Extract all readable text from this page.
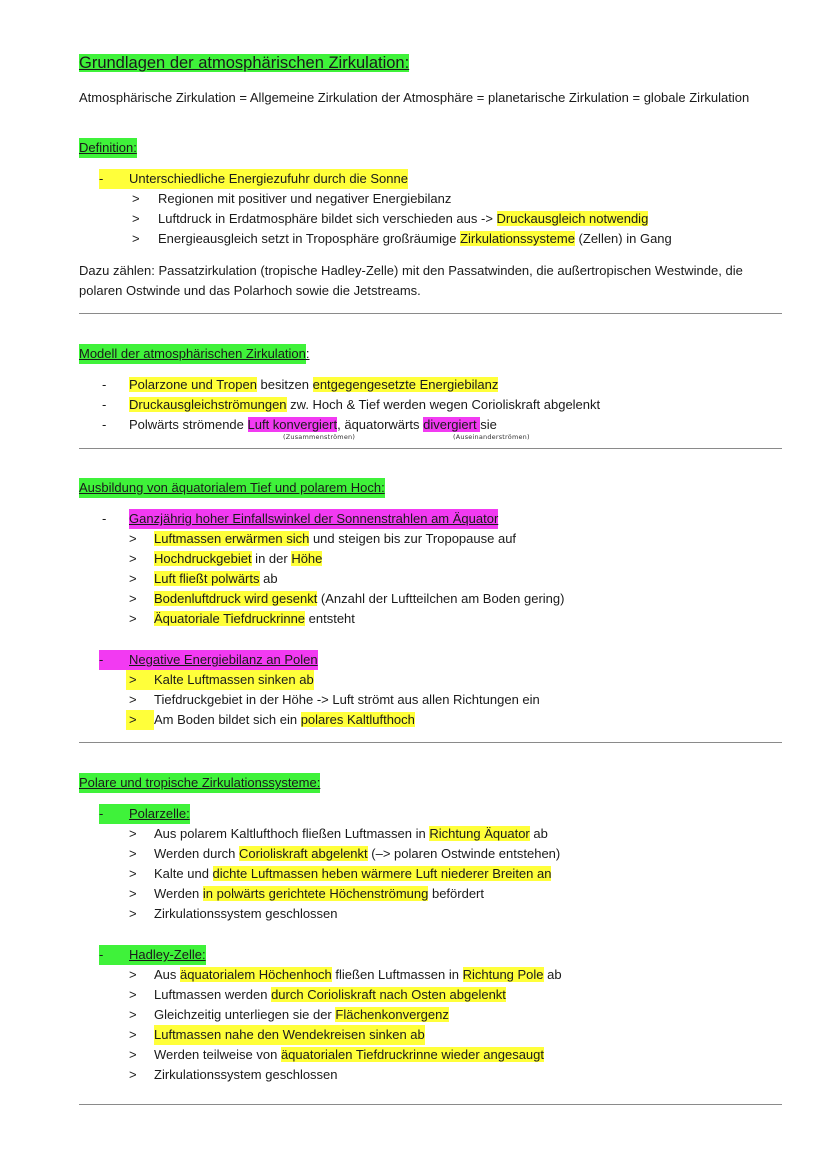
Grundlagen der atmosphärischen Zirkulation:

Atmosphärische Zirkulation = Allgemeine Zirkulation der Atmosphäre = planetarische Zirkulation = globale Zirkulation

Definition:
-	Unterschiedliche Energiezufuhr durch die Sonne
> Regionen mit positiver und negativer Energiebilanz
> Luftdruck in Erdatmosphäre bildet sich verschieden aus -> Druckausgleich notwendig
> Energieausgleich setzt in Troposphäre großräumige Zirkulationssysteme (Zellen) in Gang

Dazu zählen: Passatzirkulation (tropische Hadley-Zelle) mit den Passatwinden, die außertropischen Westwinde, die polaren Ostwinde und das Polarhoch sowie die Jetstreams.

Modell der atmosphärischen Zirkulation:
- Polarzone und Tropen besitzen entgegengesetzte Energiebilanz
- Druckausgleichströmungen zw. Hoch & Tief werden wegen Corioliskraft abgelenkt
- Polwärts strömende Luft konvergiert, äquatorwärts divergiert sie
(Zusammenströmen)	(Auseinanderströmen)
Ausbildung von äquatorialem Tief und polarem Hoch:
- Ganzjährig hoher Einfallswinkel der Sonnenstrahlen am Äquator
> Luftmassen erwärmen sich und steigen bis zur Tropopause auf
> Hochdruckgebiet in der Höhe
> Luft fließt polwärts ab
> Bodenluftdruck wird gesenkt (Anzahl der Luftteilchen am Boden gering)
> Äquatoriale Tiefdruckrinne entsteht
-	Negative Energiebilanz an Polen
>	Kalte Luftmassen sinken ab
> Tiefdruckgebiet in der Höhe -> Luft strömt aus allen Richtungen ein
>	Am Boden bildet sich ein polares Kaltlufthoch
Polare und tropische Zirkulationssysteme:
-	Polarzelle:
> Aus polarem Kaltlufthoch fließen Luftmassen in Richtung Äquator ab
> Werden durch Corioliskraft abgelenkt (–> polaren Ostwinde entstehen)
> Kalte und dichte Luftmassen heben wärmere Luft niederer Breiten an
> Werden in polwärts gerichtete Höchenströmung befördert
> Zirkulationssystem geschlossen
-	Hadley-Zelle:
> Aus äquatorialem Höchenhoch fließen Luftmassen in Richtung Pole ab
> Luftmassen werden durch Corioliskraft nach Osten abgelenkt
> Gleichzeitig unterliegen sie der Flächenkonvergenz
> Luftmassen nahe den Wendekreisen sinken ab
> Werden teilweise von äquatorialen Tiefdruckrinne wieder angesaugt
> Zirkulationssystem geschlossen
